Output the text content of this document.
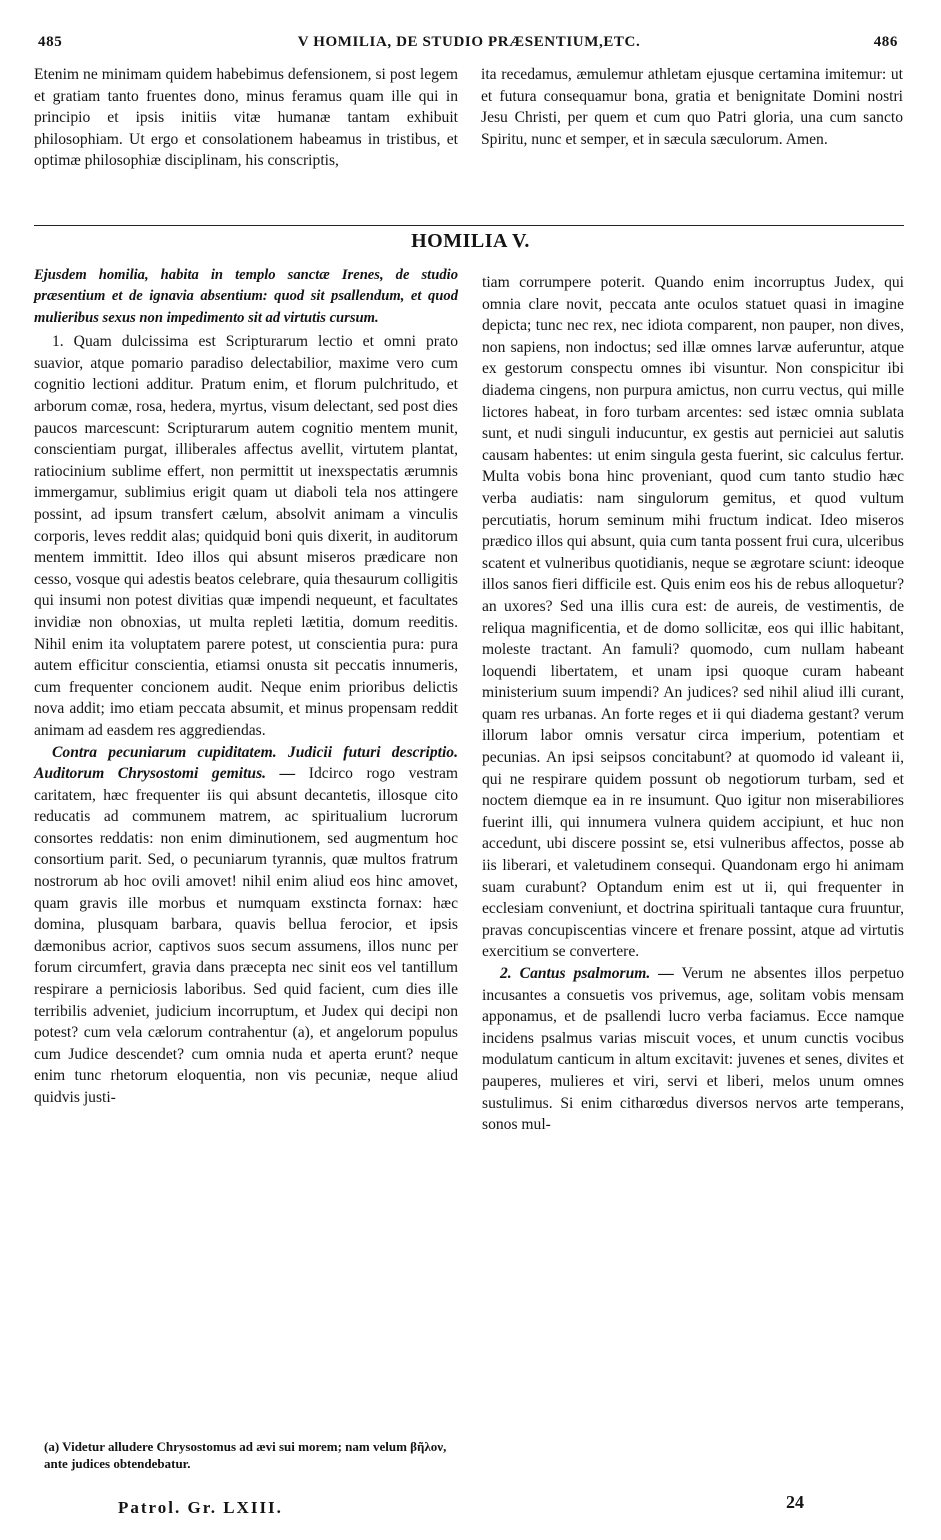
485	V HOMILIA, DE STUDIO PRÆSENTIUM,ETC.	486

Etenim ne minimam quidem habebimus defensionem, si post legem et gratiam tanto fruentes dono, minus feramus quam ille qui in principio et ipsis initiis vitæ humanæ tantam exhibuit philosophiam. Ut ergo et consolationem habeamus in tristibus, et optimæ philosophiæ disciplinam, his conscriptis,

ita recedamus, æmulemur athletam ejusque certamina imitemur: ut et futura consequamur bona, gratia et benignitate Domini nostri Jesu Christi, per quem et cum quo Patri gloria, una cum sancto Spiritu, nunc et semper, et in sæcula sæculorum. Amen.

HOMILIA V.

Ejusdem homilia, habita in templo sanctæ Irenes, de studio præsentium et de ignavia absentium: quod sit psallendum, et quod mulieribus sexus non impedimento sit ad virtutis cursum.

1. Quam dulcissima est Scripturarum lectio et omni prato suavior, atque pomario paradiso delectabilior, maxime vero cum cognitio lectioni additur. Pratum enim, et florum pulchritudo, et arborum comæ, rosa, hedera, myrtus, visum delectant, sed post dies paucos marcescunt: Scripturarum autem cognitio mentem munit, conscientiam purgat, illiberales affectus avellit, virtutem plantat, ratiocinium sublime effert, non permittit ut inexspectatis ærumnis immergamur, sublimius erigit quam ut diaboli tela nos attingere possint, ad ipsum transfert cælum, absolvit animam a vinculis corporis, leves reddit alas; quidquid boni quis dixerit, in auditorum mentem immittit. Ideo illos qui absunt miseros prædicare non cesso, vosque qui adestis beatos celebrare, quia thesaurum colligitis qui insumi non potest divitias quæ impendi nequeunt, et facultates invidiæ non obnoxias, ut multa repleti lætitia, domum reeditis. Nihil enim ita voluptatem parere potest, ut conscientia pura: pura autem efficitur conscientia, etiamsi onusta sit peccatis innumeris, cum frequenter concionem audit. Neque enim prioribus delictis nova addit; imo etiam peccata absumit, et minus propensam reddit animam ad easdem res aggrediendas.

Contra pecuniarum cupiditatem. Judicii futuri descriptio. Auditorum Chrysostomi gemitus. — Idcirco rogo vestram caritatem, hæc frequenter iis qui absunt decantetis, illosque cito reducatis ad communem matrem, ac spiritualium lucrorum consortes reddatis: non enim diminutionem, sed augmentum hoc consortium parit. Sed, o pecuniarum tyrannis, quæ multos fratrum nostrorum ab hoc ovili amovet! nihil enim aliud eos hinc amovet, quam gravis ille morbus et numquam exstincta fornax: hæc domina, plusquam barbara, quavis bellua ferocior, et ipsis dæmonibus acrior, captivos suos secum assumens, illos nunc per forum circumfert, gravia dans præcepta nec sinit eos vel tantillum respirare a perniciosis laboribus. Sed quid facient, cum dies ille terribilis adveniet, judicium incorruptum, et Judex qui decipi non potest? cum vela cælorum contrahentur (a), et angelorum populus cum Judice descendet? cum omnia nuda et aperta erunt? neque enim tunc rhetorum eloquentia, non vis pecuniæ, neque aliud quidvis justi-

tiam corrumpere poterit. Quando enim incorruptus Judex, qui omnia clare novit, peccata ante oculos statuet quasi in imagine depicta; tunc nec rex, nec idiota comparent, non pauper, non dives, non sapiens, non indoctus; sed illæ omnes larvæ auferuntur, atque ex gestorum conspectu omnes ibi visuntur. Non conspicitur ibi diadema cingens, non purpura amictus, non curru vectus, qui mille lictores habeat, in foro turbam arcentes: sed istæc omnia sublata sunt, et nudi singuli inducuntur, ex gestis aut perniciei aut salutis causam habentes: ut enim singula gesta fuerint, sic calculus fertur. Multa vobis bona hinc proveniant, quod cum tanto studio hæc verba audiatis: nam singulorum gemitus, et quod vultum percutiatis, horum seminum mihi fructum indicat. Ideo miseros prædico illos qui absunt, quia cum tanta possent frui cura, ulceribus scatent et vulneribus quotidianis, neque se ægrotare sciunt: ideoque illos sanos fieri difficile est. Quis enim eos his de rebus alloquetur? an uxores? Sed una illis cura est: de aureis, de vestimentis, de reliqua magnificentia, et de domo sollicitæ, eos qui illic habitant, moleste tractant. An famuli? quomodo, cum nullam habeant loquendi libertatem, et unam ipsi quoque curam habeant ministerium suum impendi? An judices? sed nihil aliud illi curant, quam res urbanas. An forte reges et ii qui diadema gestant? verum illorum labor omnis versatur circa imperium, potentiam et pecunias. An ipsi seipsos concitabunt? at quomodo id valeant ii, qui ne respirare quidem possunt ob negotiorum turbam, sed et noctem diemque ea in re insumunt. Quo igitur non miserabiliores fuerint illi, qui innumera vulnera quidem accipiunt, et huc non accedunt, ubi discere possint se, etsi vulneribus affectos, posse ab iis liberari, et valetudinem consequi. Quandonam ergo hi animam suam curabunt? Optandum enim est ut ii, qui frequenter in ecclesiam conveniunt, et doctrina spirituali tantaque cura fruuntur, pravas concupiscentias vincere et frenare possint, atque ad virtutis exercitium se convertere.

2. Cantus psalmorum. — Verum ne absentes illos perpetuo incusantes a consuetis vos privemus, age, solitam vobis mensam apponamus, et de psallendi lucro verba faciamus. Ecce namque incidens psalmus varias miscuit voces, et unum cunctis vocibus modulatum canticum in altum excitavit: juvenes et senes, divites et pauperes, mulieres et viri, servi et liberi, melos unum omnes sustulimus. Si enim citharœdus diversos nervos arte temperans, sonos mul-

(a) Videtur alludere Chrysostomus ad ævi sui morem; nam velum βῆλον, ante judices obtendebatur.
Patrol. Gr. LXIII.	24
